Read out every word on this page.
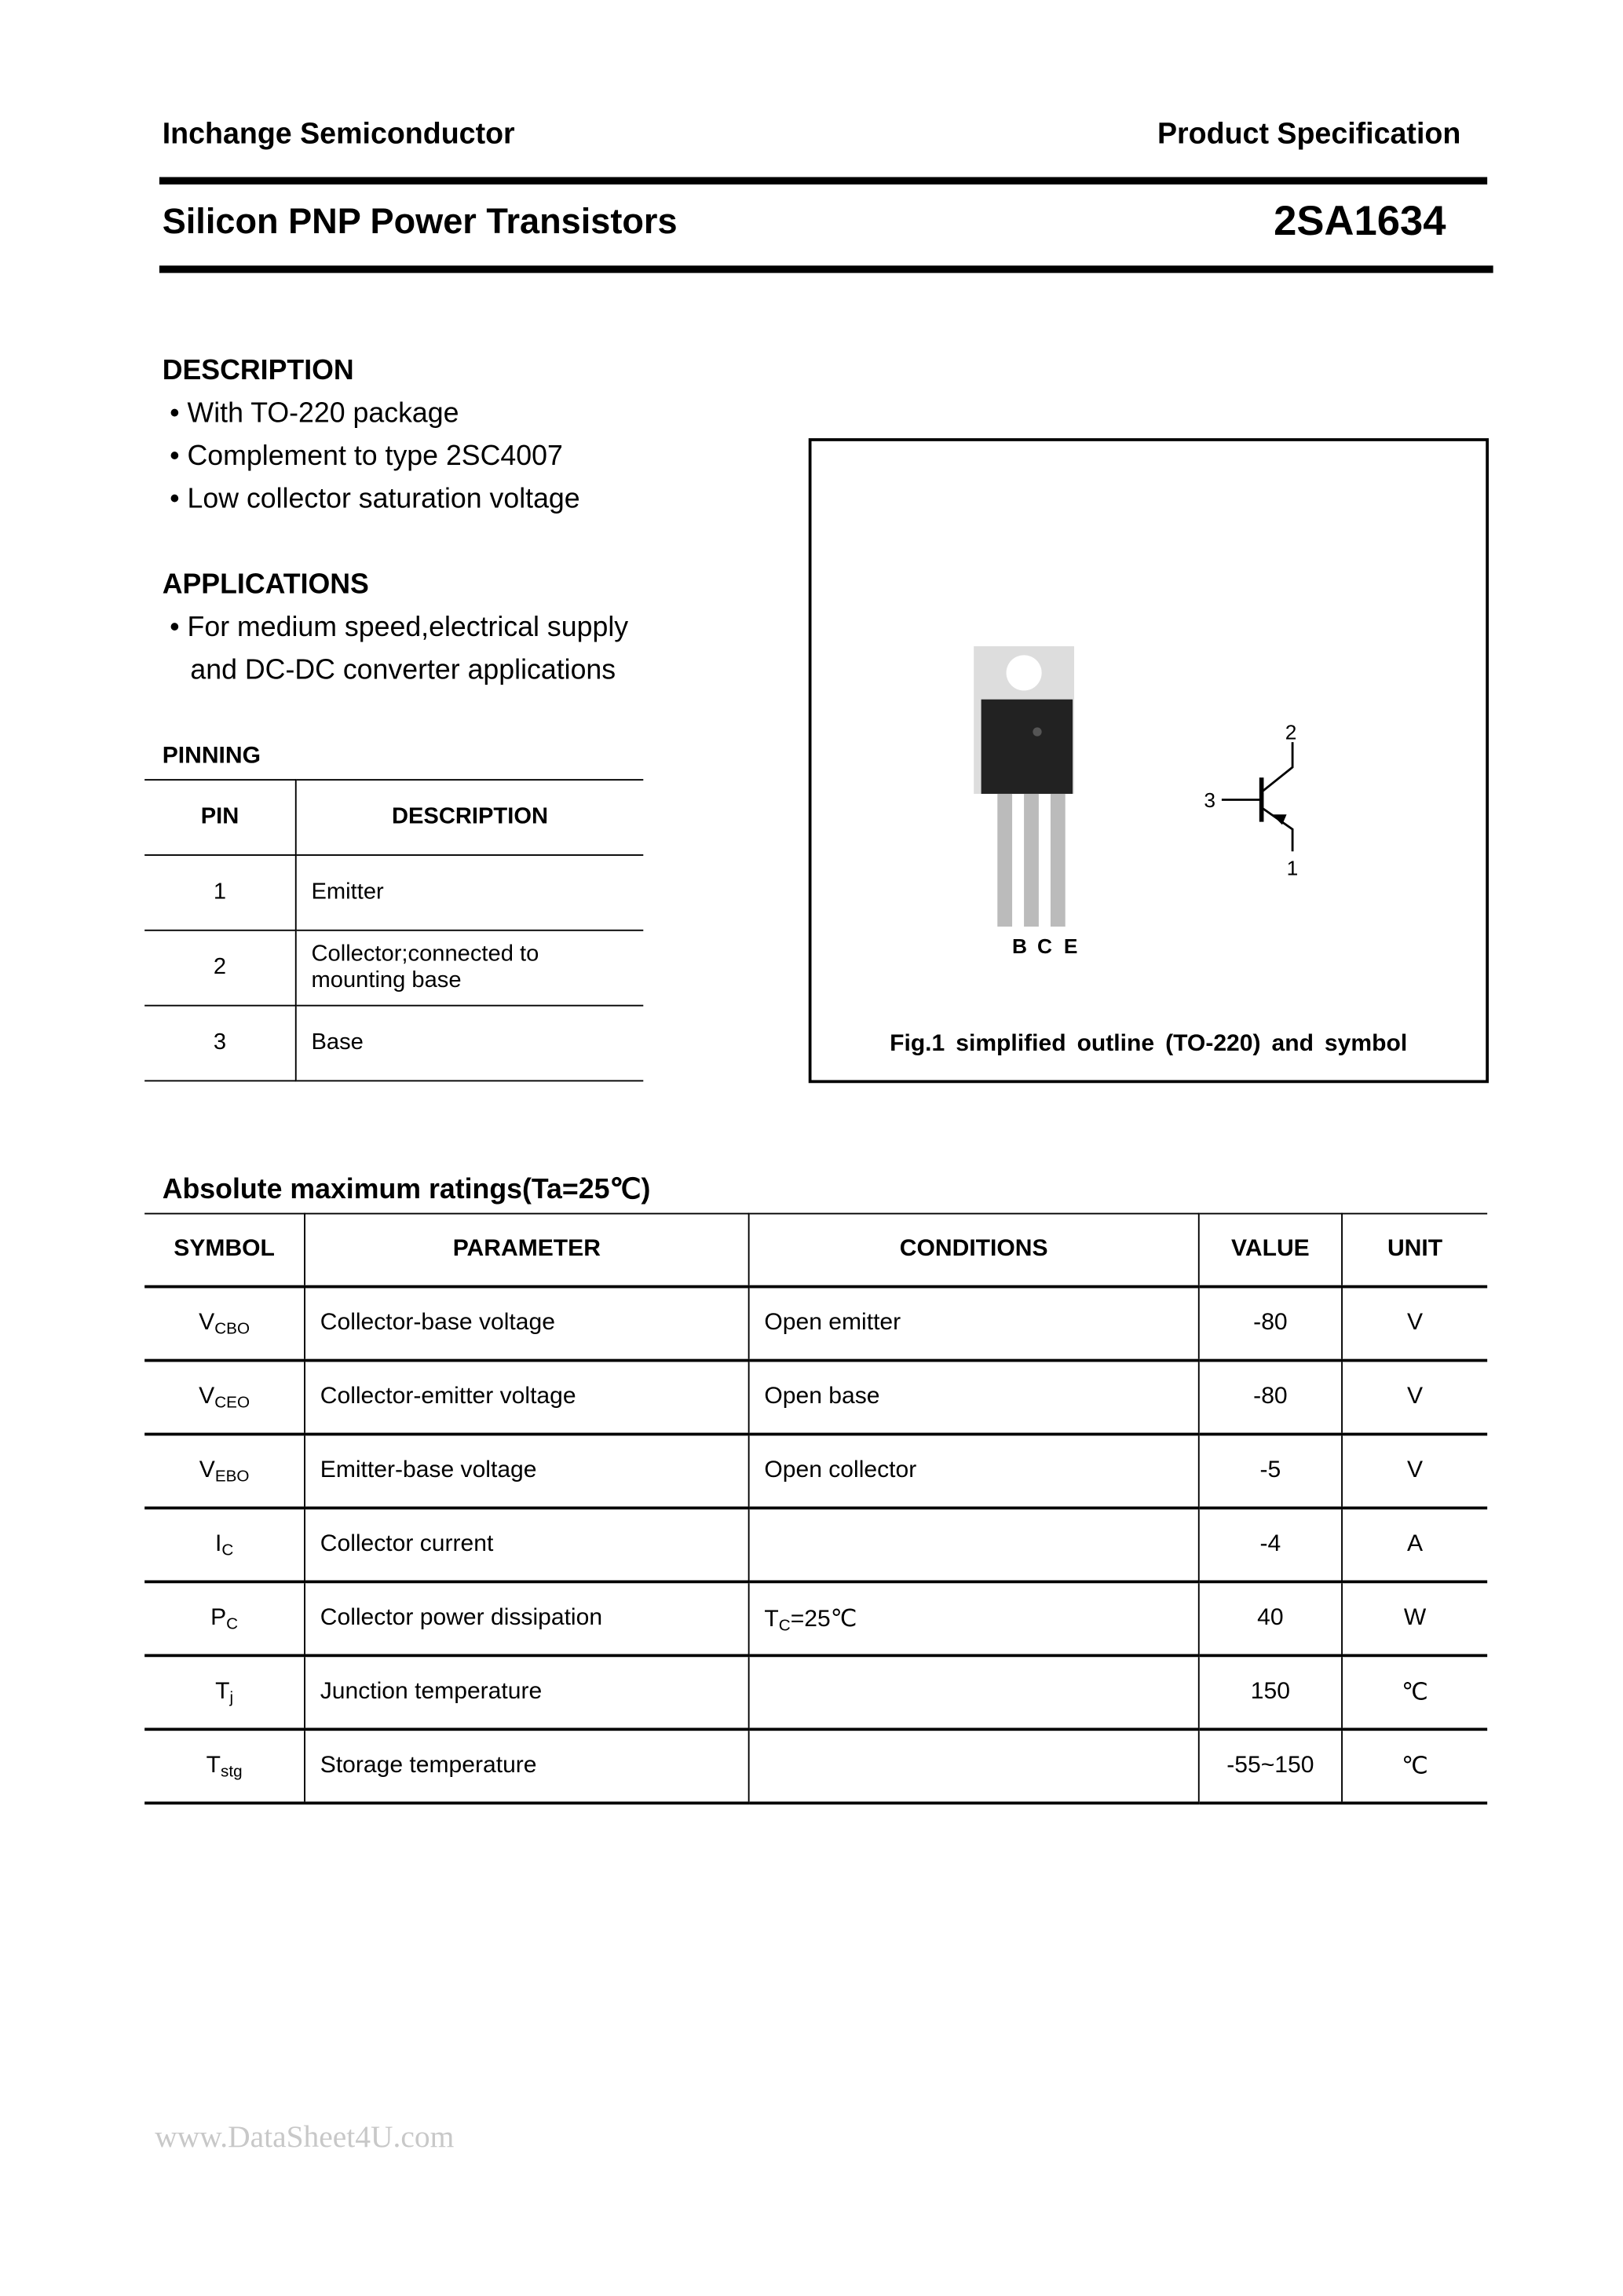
Inchange Semiconductor	Product Specification
Silicon PNP Power Transistors	2SA1634
DESCRIPTION
• With TO-220 package
• Complement to type 2SC4007
• Low collector saturation voltage
APPLICATIONS
• For medium speed,electrical supply
and DC-DC converter applications
PINNING
PIN	DESCRIPTION
1	Emitter
2	Collector;connected to mounting base
3	Base
B C E
2
3
1
Fig.1 simplified outline (TO-220) and symbol
Absolute maximum ratings(Ta=25℃)
SYMBOL	PARAMETER	CONDITIONS	VALUE	UNIT
$V_{CBO}$	Collector-base voltage	Open emitter	-80	V
$V_{CEO}$	Collector-emitter voltage	Open base	-80	V
$V_{EBO}$	Emitter-base voltage	Open collector	-5	V
$I_C$	Collector current		-4	A
$P_C$	Collector power dissipation	$T_C=25℃$	40	W
$T_j$	Junction temperature		150	℃
$T_{stg}$	Storage temperature		-55~150	℃
www.DataSheet4U.com
